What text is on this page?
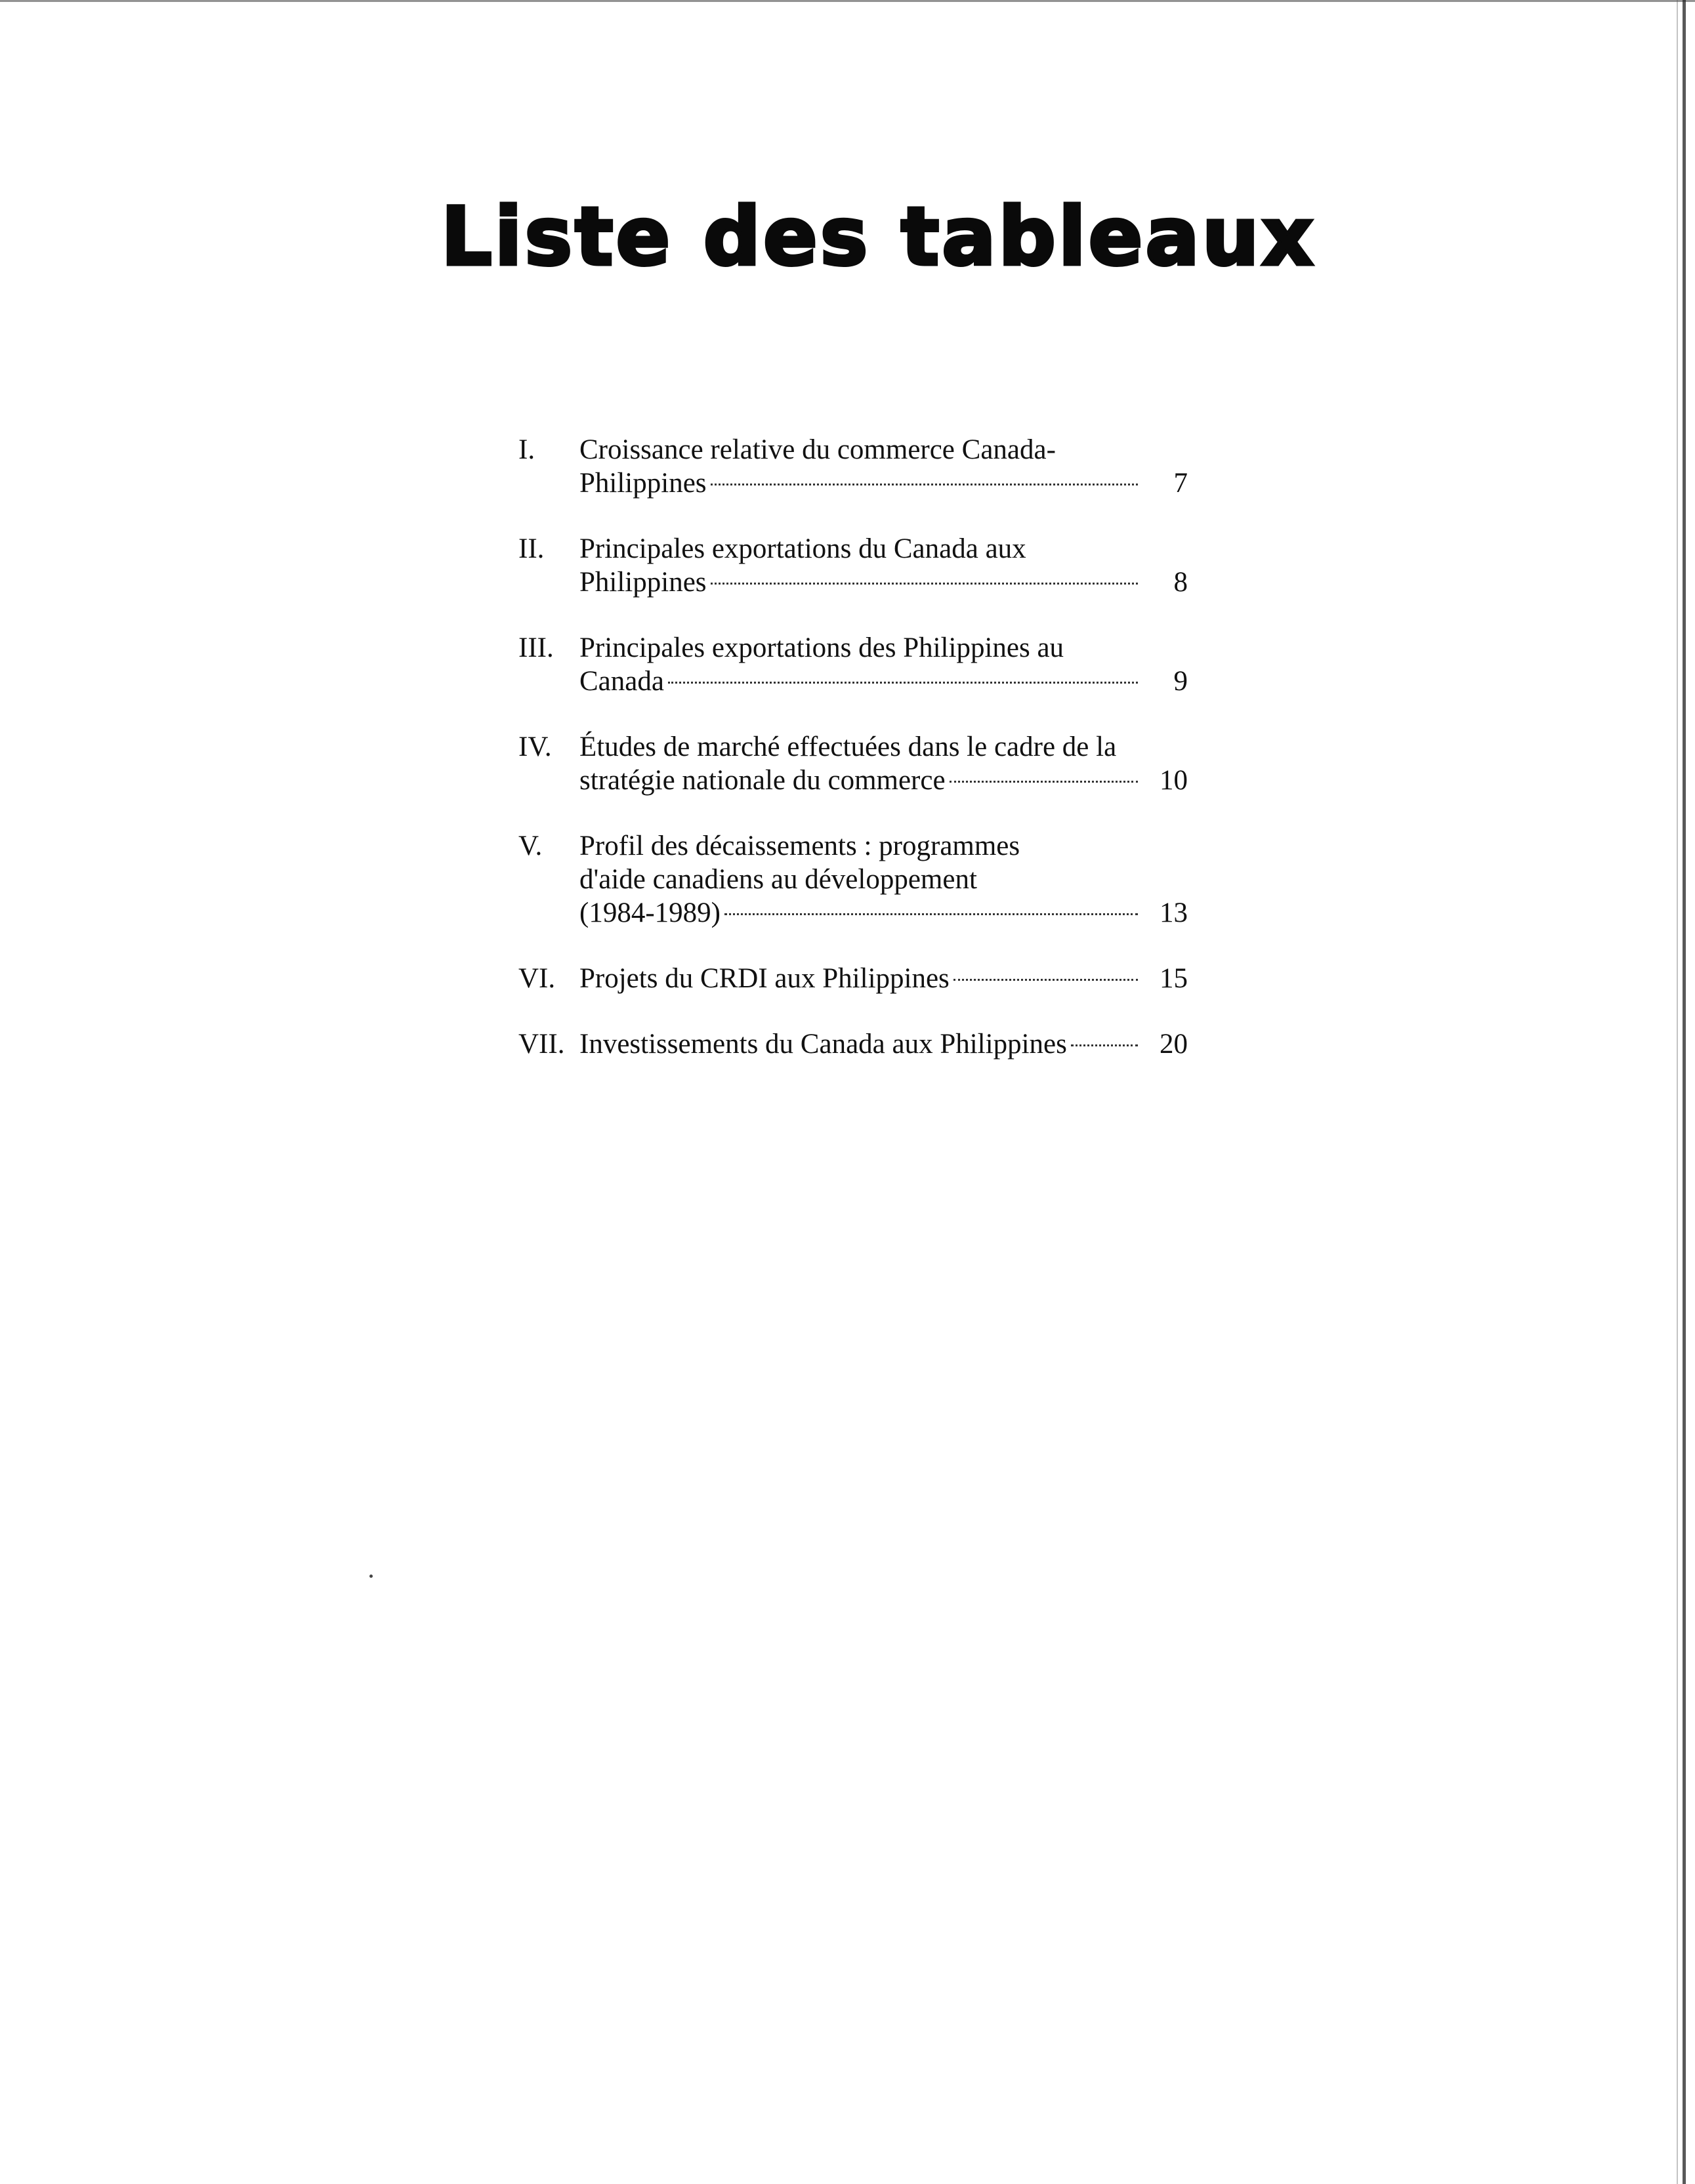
Liste des tableaux
I. Croissance relative du commerce Canada-
Philippines	7
II. Principales exportations du Canada aux
Philippines	8
III. Principales exportations des Philippines au
Canada	9
IV. Études de marché effectuées dans le cadre de la
stratégie nationale du commerce	10
V. Profil des décaissements : programmes
d'aide canadiens au développement
(1984-1989)	13
VI. Projets du CRDI aux Philippines	15
VII. Investissements du Canada aux Philippines	20
